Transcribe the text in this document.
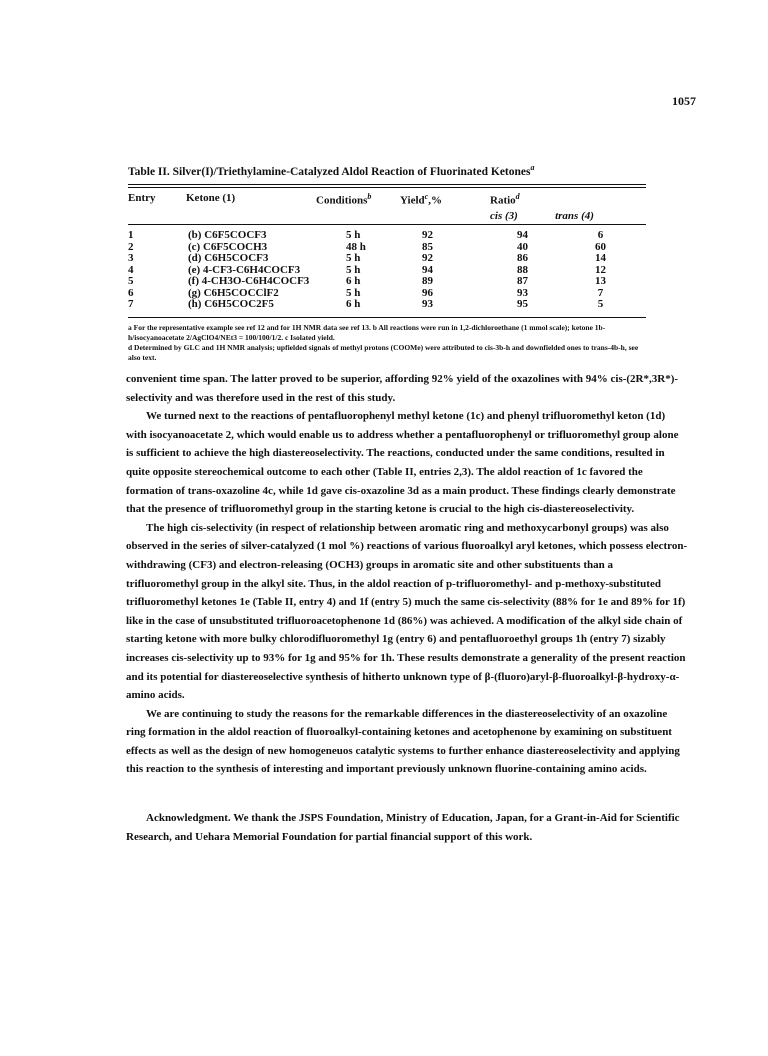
1057
Table II. Silver(I)/Triethylamine-Catalyzed Aldol Reaction of Fluorinated Ketones$^a$
Entry	Ketone (1)	Conditions$^b$	Yield$^c$,%	Ratio$^d$
				cis (3)	trans (4)

1	(b) C6F5COCF3	5 h	92	94	6
2	(c) C6F5COCH3	48 h	85	40	60
3	(d) C6H5COCF3	5 h	92	86	14
4	(e) 4-CF3-C6H4COCF3	5 h	94	88	12
5	(f) 4-CH3O-C6H4COCF3	6 h	89	87	13
6	(g) C6H5COCClF2	5 h	96	93	7
7	(h) C6H5COC2F5	6 h	93	95	5

a For the representative example see ref 12 and for 1H NMR data see ref 13. b All reactions were run in 1,2-dichloroethane (1 mmol scale); ketone 1b-h/isocyanoacetate 2/AgClO4/NEt3 = 100/100/1/2. c Isolated yield.

d Determined by GLC and 1H NMR analysis; upfielded signals of methyl protons (COOMe) were attributed to cis-3b-h and downfielded ones to trans-4b-h, see also text.

convenient time span. The latter proved to be superior, affording 92% yield of the oxazolines with 94% cis-(2R*,3R*)-selectivity and was therefore used in the rest of this study.

We turned next to the reactions of pentafluorophenyl methyl ketone (1c) and phenyl trifluoromethyl keton (1d) with isocyanoacetate 2, which would enable us to address whether a pentafluorophenyl or trifluoromethyl group alone is sufficient to achieve the high diastereoselectivity. The reactions, conducted under the same conditions, resulted in quite opposite stereochemical outcome to each other (Table II, entries 2,3). The aldol reaction of 1c favored the formation of trans-oxazoline 4c, while 1d gave cis-oxazoline 3d as a main product. These findings clearly demonstrate that the presence of trifluoromethyl group in the starting ketone is crucial to the high cis-diastereoselectivity.

The high cis-selectivity (in respect of relationship between aromatic ring and methoxycarbonyl groups) was also observed in the series of silver-catalyzed (1 mol %) reactions of various fluoroalkyl aryl ketones, which possess electron-withdrawing (CF3) and electron-releasing (OCH3) groups in aromatic site and other substituents than a trifluoromethyl group in the alkyl site. Thus, in the aldol reaction of p-trifluoromethyl- and p-methoxy-substituted trifluoromethyl ketones 1e (Table II, entry 4) and 1f (entry 5) much the same cis-selectivity (88% for 1e and 89% for 1f) like in the case of unsubstituted trifluoroacetophenone 1d (86%) was achieved. A modification of the alkyl side chain of starting ketone with more bulky chlorodifluoromethyl 1g (entry 6) and pentafluoroethyl groups 1h (entry 7) sizably increases cis-selectivity up to 93% for 1g and 95% for 1h. These results demonstrate a generality of the present reaction and its potential for diastereoselective synthesis of hitherto unknown type of β-(fluoro)aryl-β-fluoroalkyl-β-hydroxy-α-amino acids.

We are continuing to study the reasons for the remarkable differences in the diastereoselectivity of an oxazoline ring formation in the aldol reaction of fluoroalkyl-containing ketones and acetophenone by examining on substituent effects as well as the design of new homogeneuos catalytic systems to further enhance diastereoselectivity and applying this reaction to the synthesis of interesting and important previously unknown fluorine-containing amino acids.

Acknowledgment. We thank the JSPS Foundation, Ministry of Education, Japan, for a Grant-in-Aid for Scientific Research, and Uehara Memorial Foundation for partial financial support of this work.
